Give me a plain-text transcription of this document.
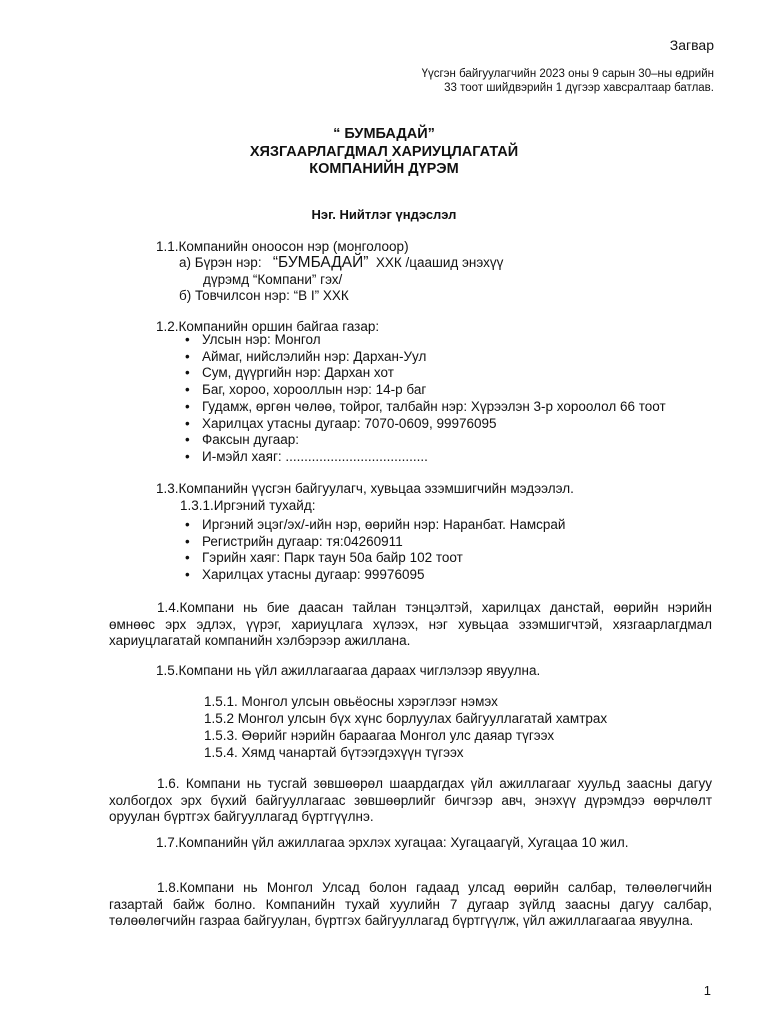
Загвар
Үүсгэн байгуулагчийн 2023 оны 9 сарын 30–ны өдрийн
33 тоот шийдвэрийн 1 дүгээр хавсралтаар батлав.
“ БУМБАДАЙ”
ХЯЗГААРЛАГДМАЛ ХАРИУЦЛАГАТАЙ
КОМПАНИЙН ДҮРЭМ
Нэг. Нийтлэг үндэслэл
1.1.Компанийн оноосон нэр (монголоор)
а) Бүрэн нэр: “БУМБАДАЙ” ХХК /цаашид энэхүү
дүрэмд “Компани” гэх/
б) Товчилсон нэр: “В І” ХХК
1.2.Компанийн оршин байгаа газар:
• Улсын нэр: Монгол
• Аймаг, нийслэлийн нэр: Дархан-Уул
• Сум, дүүргийн нэр: Дархан хот
• Баг, хороо, хорооллын нэр: 14-р баг
• Гудамж, өргөн чөлөө, тойрог, талбайн нэр: Хүрээлэн 3-р хороолол 66 тоот
• Харилцах утасны дугаар: 7070-0609, 99976095
• Факсын дугаар:
• И-мэйл хаяг: ......................................
1.3.Компанийн үүсгэн байгуулагч, хувьцаа эзэмшигчийн мэдээлэл.
1.3.1.Иргэний тухайд:
• Иргэний эцэг/эх/-ийн нэр, өөрийн нэр: Наранбат. Намсрай
• Регистрийн дугаар: тя:04260911
• Гэрийн хаяг: Парк таун 50а байр 102 тоот
• Харилцах утасны дугаар: 99976095
1.4.Компани нь бие даасан тайлан тэнцэлтэй, харилцах данстай, өөрийн нэрийн өмнөөс эрх эдлэх, үүрэг, хариуцлага хүлээх, нэг хувьцаа эзэмшигчтэй, хязгаарлагдмал хариуцлагатай компанийн хэлбэрээр ажиллана.
1.5.Компани нь үйл ажиллагаагаа дараах чиглэлээр явуулна.
1.5.1. Монгол улсын овьёосны хэрэглээг нэмэх
1.5.2 Монгол улсын бүх хүнс борлуулах байгууллагатай хамтрах
1.5.3. Өөрийг нэрийн бараагаа Монгол улс даяар түгээх
1.5.4. Хямд чанартай бүтээгдэхүүн түгээх
1.6. Компани нь тусгай зөвшөөрөл шаардагдах үйл ажиллагааг хуульд заасны дагуу холбогдох эрх бүхий байгууллагаас зөвшөөрлийг бичгээр авч, энэхүү дүрэмдээ өөрчлөлт оруулан бүртгэх байгууллагад бүртгүүлнэ.
1.7.Компанийн үйл ажиллагаа эрхлэх хугацаа: Хугацаагүй, Хугацаа 10 жил.
1.8.Компани нь Монгол Улсад болон гадаад улсад өөрийн салбар, төлөөлөгчийн газартай байж болно. Компанийн тухай хуулийн 7 дугаар зүйлд заасны дагуу салбар, төлөөлөгчийн газраа байгуулан, бүртгэх байгууллагад бүртгүүлж, үйл ажиллагаагаа явуулна.
1
